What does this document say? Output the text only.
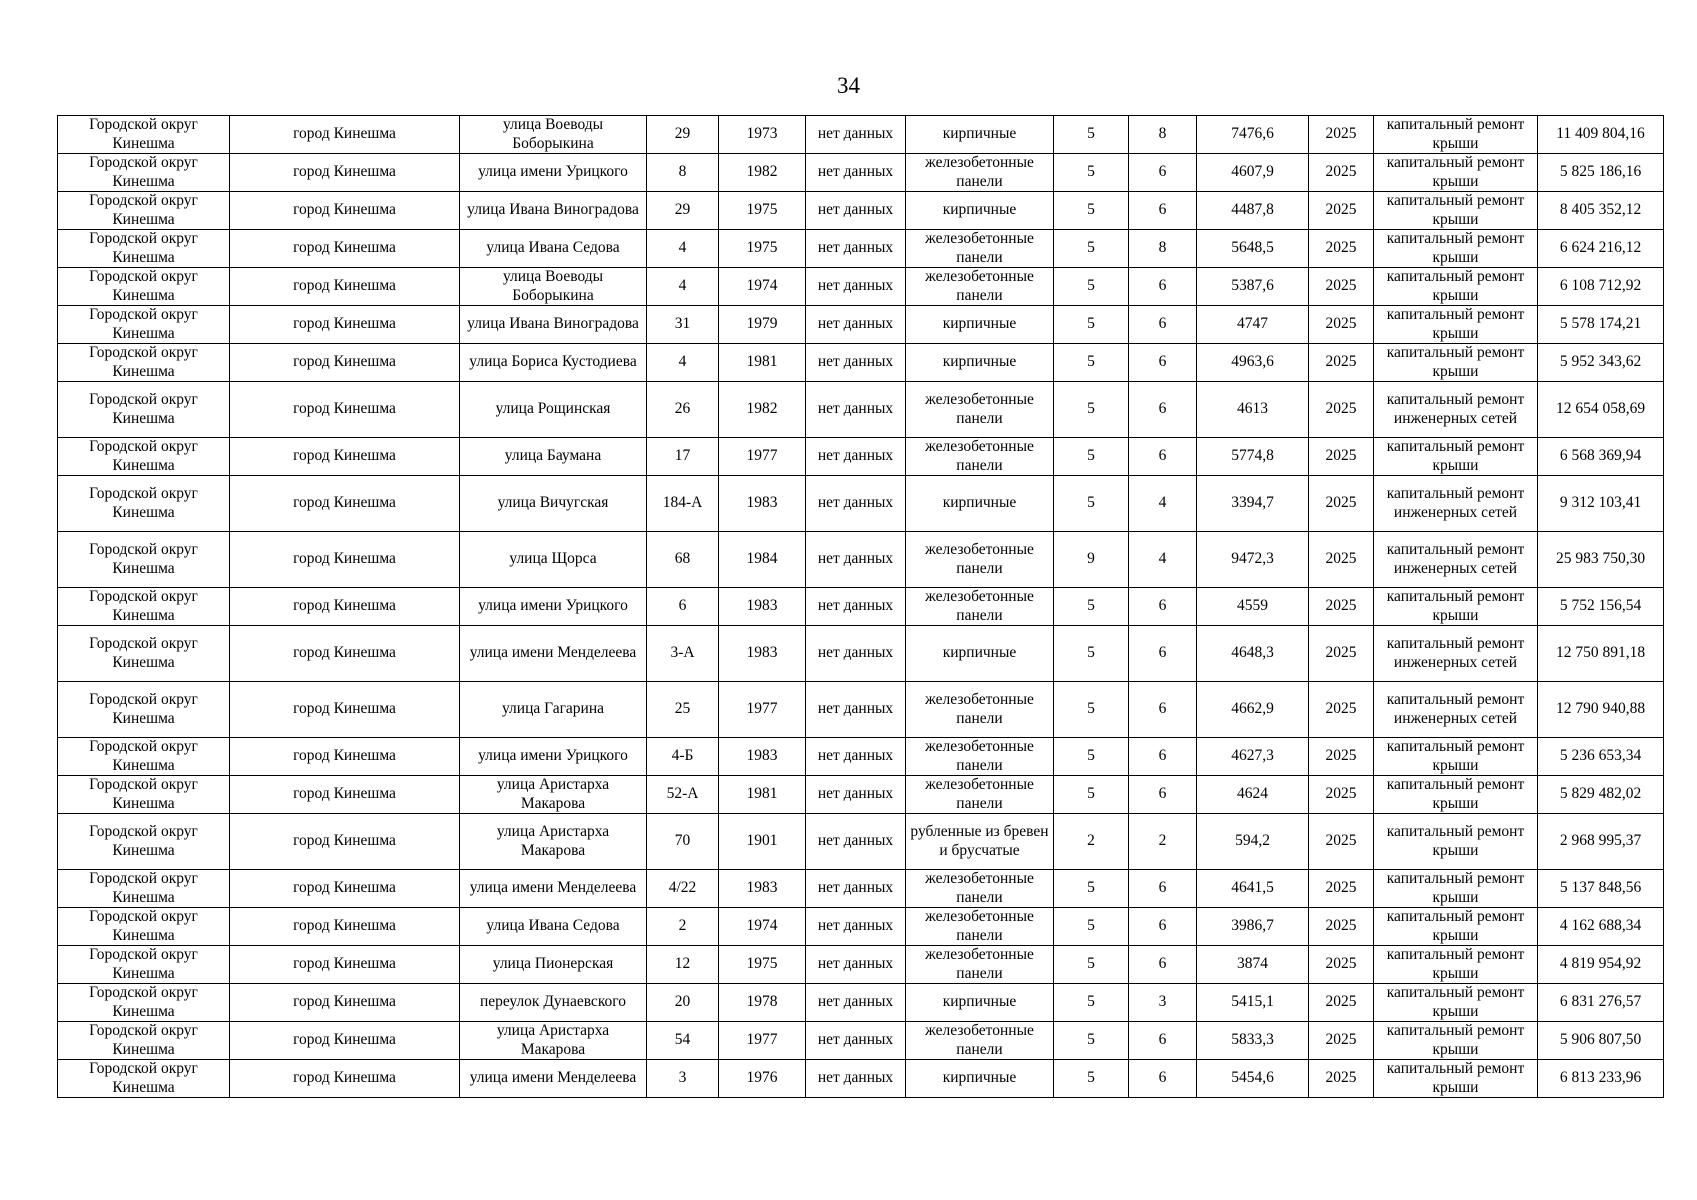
34
Городской округ Кинешма	город Кинешма	улица Воеводы Боборыкина	29	1973	нет данных	кирпичные	5	8	7476,6	2025	капитальный ремонт крыши	11 409 804,16
Городской округ Кинешма	город Кинешма	улица имени Урицкого	8	1982	нет данных	железобетонные панели	5	6	4607,9	2025	капитальный ремонт крыши	5 825 186,16
Городской округ Кинешма	город Кинешма	улица Ивана Виноградова	29	1975	нет данных	кирпичные	5	6	4487,8	2025	капитальный ремонт крыши	8 405 352,12
Городской округ Кинешма	город Кинешма	улица Ивана Седова	4	1975	нет данных	железобетонные панели	5	8	5648,5	2025	капитальный ремонт крыши	6 624 216,12
Городской округ Кинешма	город Кинешма	улица Воеводы Боборыкина	4	1974	нет данных	железобетонные панели	5	6	5387,6	2025	капитальный ремонт крыши	6 108 712,92
Городской округ Кинешма	город Кинешма	улица Ивана Виноградова	31	1979	нет данных	кирпичные	5	6	4747	2025	капитальный ремонт крыши	5 578 174,21
Городской округ Кинешма	город Кинешма	улица Бориса Кустодиева	4	1981	нет данных	кирпичные	5	6	4963,6	2025	капитальный ремонт крыши	5 952 343,62
Городской округ Кинешма	город Кинешма	улица Рощинская	26	1982	нет данных	железобетонные панели	5	6	4613	2025	капитальный ремонт инженерных сетей	12 654 058,69
Городской округ Кинешма	город Кинешма	улица Баумана	17	1977	нет данных	железобетонные панели	5	6	5774,8	2025	капитальный ремонт крыши	6 568 369,94
Городской округ Кинешма	город Кинешма	улица Вичугская	184-А	1983	нет данных	кирпичные	5	4	3394,7	2025	капитальный ремонт инженерных сетей	9 312 103,41
Городской округ Кинешма	город Кинешма	улица Щорса	68	1984	нет данных	железобетонные панели	9	4	9472,3	2025	капитальный ремонт инженерных сетей	25 983 750,30
Городской округ Кинешма	город Кинешма	улица имени Урицкого	6	1983	нет данных	железобетонные панели	5	6	4559	2025	капитальный ремонт крыши	5 752 156,54
Городской округ Кинешма	город Кинешма	улица имени Менделеева	3-А	1983	нет данных	кирпичные	5	6	4648,3	2025	капитальный ремонт инженерных сетей	12 750 891,18
Городской округ Кинешма	город Кинешма	улица Гагарина	25	1977	нет данных	железобетонные панели	5	6	4662,9	2025	капитальный ремонт инженерных сетей	12 790 940,88
Городской округ Кинешма	город Кинешма	улица имени Урицкого	4-Б	1983	нет данных	железобетонные панели	5	6	4627,3	2025	капитальный ремонт крыши	5 236 653,34
Городской округ Кинешма	город Кинешма	улица Аристарха Макарова	52-А	1981	нет данных	железобетонные панели	5	6	4624	2025	капитальный ремонт крыши	5 829 482,02
Городской округ Кинешма	город Кинешма	улица Аристарха Макарова	70	1901	нет данных	рубленные из бревен и брусчатые	2	2	594,2	2025	капитальный ремонт крыши	2 968 995,37
Городской округ Кинешма	город Кинешма	улица имени Менделеева	4/22	1983	нет данных	железобетонные панели	5	6	4641,5	2025	капитальный ремонт крыши	5 137 848,56
Городской округ Кинешма	город Кинешма	улица Ивана Седова	2	1974	нет данных	железобетонные панели	5	6	3986,7	2025	капитальный ремонт крыши	4 162 688,34
Городской округ Кинешма	город Кинешма	улица Пионерская	12	1975	нет данных	железобетонные панели	5	6	3874	2025	капитальный ремонт крыши	4 819 954,92
Городской округ Кинешма	город Кинешма	переулок Дунаевского	20	1978	нет данных	кирпичные	5	3	5415,1	2025	капитальный ремонт крыши	6 831 276,57
Городской округ Кинешма	город Кинешма	улица Аристарха Макарова	54	1977	нет данных	железобетонные панели	5	6	5833,3	2025	капитальный ремонт крыши	5 906 807,50
Городской округ Кинешма	город Кинешма	улица имени Менделеева	3	1976	нет данных	кирпичные	5	6	5454,6	2025	капитальный ремонт крыши	6 813 233,96
